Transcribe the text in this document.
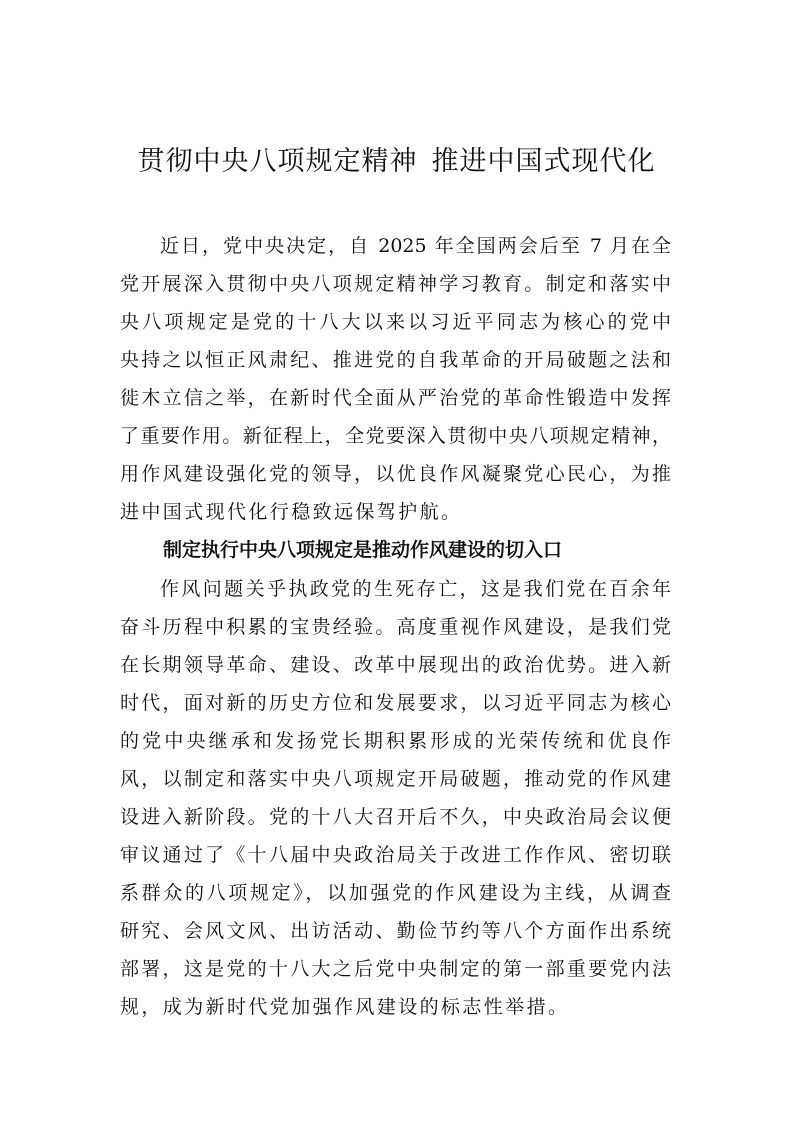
贯彻中央八项规定精神 推进中国式现代化
近日，党中央决定，自 2025 年全国两会后至 7 月在全
党开展深入贯彻中央八项规定精神学习教育。制定和落实中
央八项规定是党的十八大以来以习近平同志为核心的党中
央持之以恒正风肃纪、推进党的自我革命的开局破题之法和
徙木立信之举，在新时代全面从严治党的革命性锻造中发挥
了重要作用。新征程上，全党要深入贯彻中央八项规定精神，
用作风建设强化党的领导，以优良作风凝聚党心民心，为推
进中国式现代化行稳致远保驾护航。
制定执行中央八项规定是推动作风建设的切入口
作风问题关乎执政党的生死存亡，这是我们党在百余年
奋斗历程中积累的宝贵经验。高度重视作风建设，是我们党
在长期领导革命、建设、改革中展现出的政治优势。进入新
时代，面对新的历史方位和发展要求，以习近平同志为核心
的党中央继承和发扬党长期积累形成的光荣传统和优良作
风，以制定和落实中央八项规定开局破题，推动党的作风建
设进入新阶段。党的十八大召开后不久，中央政治局会议便
审议通过了《十八届中央政治局关于改进工作作风、密切联
系群众的八项规定》，以加强党的作风建设为主线，从调查
研究、会风文风、出访活动、勤俭节约等八个方面作出系统
部署，这是党的十八大之后党中央制定的第一部重要党内法
规，成为新时代党加强作风建设的标志性举措。
